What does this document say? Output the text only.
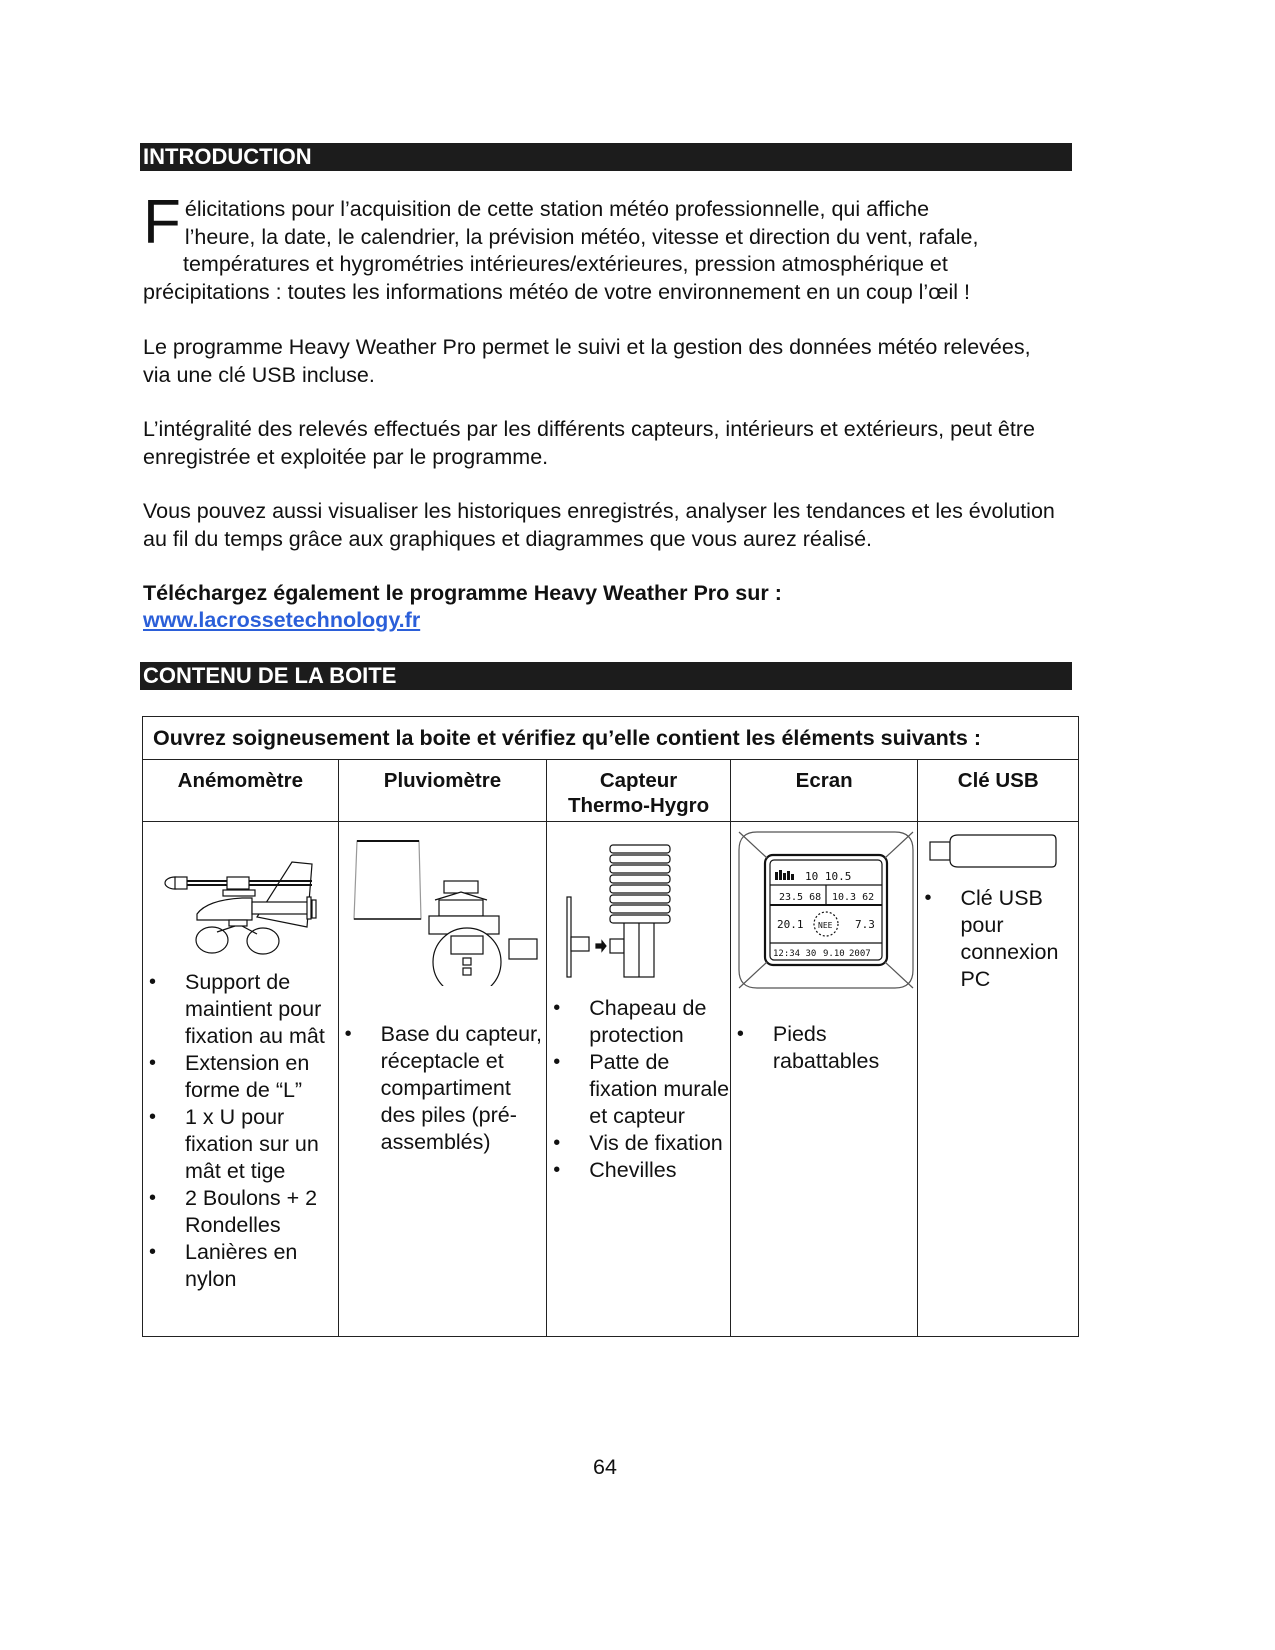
INTRODUCTION
F élicitations pour l’acquisition de cette station météo professionnelle, qui affiche
l’heure, la date, le calendrier, la prévision météo, vitesse et direction du vent, rafale,
températures et hygrométries intérieures/extérieures, pression atmosphérique et
précipitations : toutes les informations météo de votre environnement en un coup l’œil !
Le programme Heavy Weather Pro permet le suivi et la gestion des données météo relevées, via une clé USB incluse.
L’intégralité des relevés effectués par les différents capteurs, intérieurs et extérieurs, peut être enregistrée et exploitée par le programme.
Vous pouvez aussi visualiser les historiques enregistrés, analyser les tendances et les évolution au fil du temps grâce aux graphiques et diagrammes que vous aurez réalisé.
Téléchargez également le programme Heavy Weather Pro sur :
www.lacrossetechnology.fr
CONTENU DE LA BOITE
Ouvrez soigneusement la boite et vérifiez qu’elle contient les éléments suivants :				
Anémomètre	Pluviomètre	Capteur Thermo-Hygro	Ecran	Clé USB

• Support de maintient pour fixation au mât
• Extension en forme de “L”
• 1 x U pour fixation sur un mât et tige
• 2 Boulons + 2 Rondelles
• Lanières en nylon

• Base du capteur, réceptacle et compartiment des piles (pré-assemblés)

• Chapeau de protection
• Patte de fixation murale et capteur
• Vis de fixation
• Chevilles

10 10.5
23.5 68 10.3 62
20.1 NEE 7.3
12:34 30 9.10 2007
• Pieds rabattables

• Clé USB pour connexion PC
64
